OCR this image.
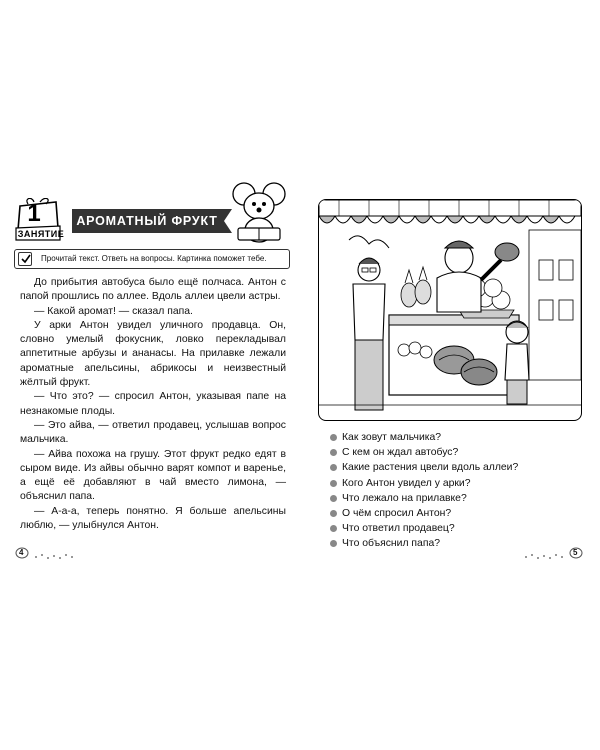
1
ЗАНЯТИЕ
АРОМАТНЫЙ ФРУКТ
Прочитай текст. Ответь на вопросы. Картинка поможет тебе.

До прибытия автобуса было ещё полчаса. Антон с папой прошлись по аллее. Вдоль аллеи цвели астры.

— Какой аромат! — сказал папа.

У арки Антон увидел уличного продавца. Он, словно умелый фокусник, ловко перекладывал аппетитные арбузы и ананасы. На прилавке лежали ароматные апельсины, абрикосы и неизвестный жёлтый фрукт.

— Что это? — спросил Антон, указывая папе на незнакомые плоды.

— Это айва, — ответил продавец, услышав вопрос мальчика.

— Айва похожа на грушу. Этот фрукт редко едят в сыром виде. Из айвы обычно варят компот и варенье, а ещё её добавляют в чай вместо лимона, — объяснил папа.

— А-а-а, теперь понятно. Я больше апельсины люблю, — улыбнулся Антон.

4
Как зовут мальчика?
С кем он ждал автобус?
Какие растения цвели вдоль аллеи?
Кого Антон увидел у арки?
Что лежало на прилавке?
О чём спросил Антон?
Что ответил продавец?
Что объяснил папа?
5
